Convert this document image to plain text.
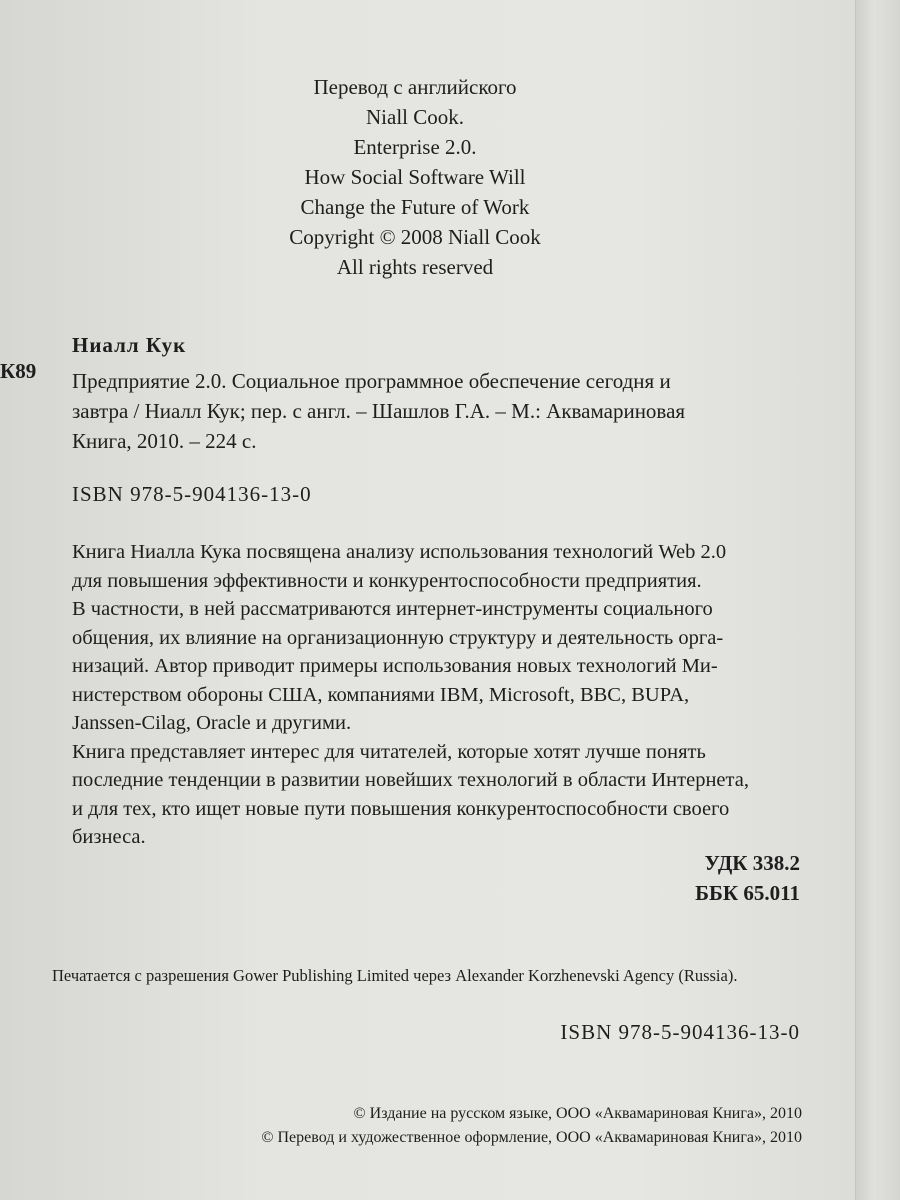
Перевод с английского
Niall Cook.
Enterprise 2.0.
How Social Software Will
Change the Future of Work
Copyright © 2008 Niall Cook
All rights reserved
Ниалл Кук
К89 Предприятие 2.0. Социальное программное обеспечение сегодня и
завтра / Ниалл Кук; пер. с англ. – Шашлов Г.А. – М.: Аквамариновая
Книга, 2010. – 224 с.
ISBN 978-5-904136-13-0
Книга Ниалла Кука посвящена анализу использования технологий Web 2.0
для повышения эффективности и конкурентоспособности предприятия.
В частности, в ней рассматриваются интернет-инструменты социального
общения, их влияние на организационную структуру и деятельность орга-
низаций. Автор приводит примеры использования новых технологий Ми-
нистерством обороны США, компаниями IBM, Microsoft, BBC, BUPA,
Janssen-Cilag, Oracle и другими.
Книга представляет интерес для читателей, которые хотят лучше понять
последние тенденции в развитии новейших технологий в области Интернета,
и для тех, кто ищет новые пути повышения конкурентоспособности своего
бизнеса.
УДК 338.2
ББК 65.011
Печатается с разрешения Gower Publishing Limited через Alexander Korzhenevski Agency (Russia).
ISBN 978-5-904136-13-0
© Издание на русском языке, ООО «Аквамариновая Книга», 2010
© Перевод и художественное оформление, ООО «Аквамариновая Книга», 2010
